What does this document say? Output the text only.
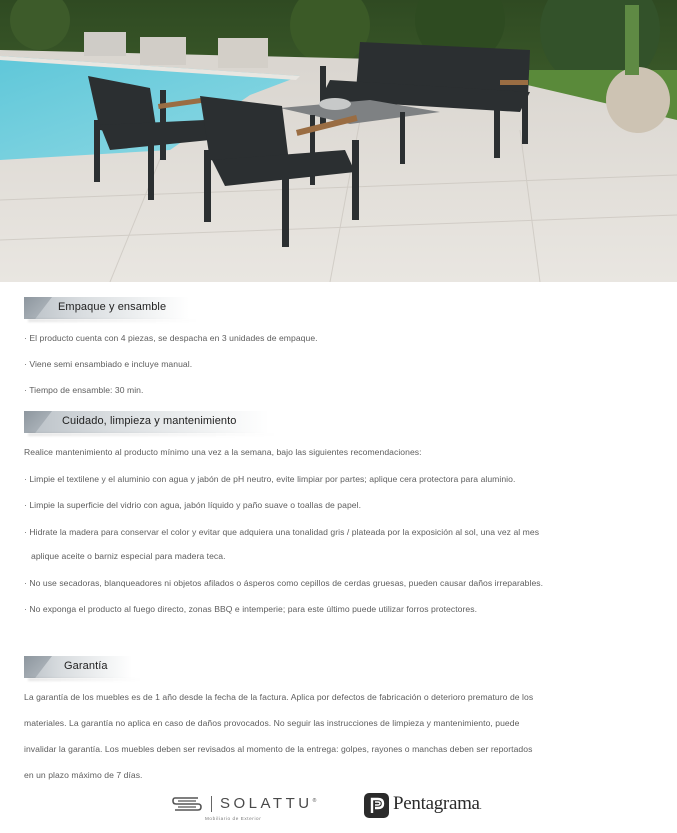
Empaque y ensamble
· El producto cuenta con 4 piezas, se despacha en 3 unidades de empaque.
· Viene semi ensambiado e incluye manual.
· Tiempo de ensamble: 30 min.
Cuidado, limpieza y mantenimiento
Realice mantenimiento al producto mínimo una vez a la semana, bajo las siguientes recomendaciones:
· Limpie el textilene y el aluminio con agua y jabón de pH neutro, evite limpiar por partes; aplique cera protectora para aluminio.
· Limpie la superficie del vidrio con agua, jabón líquido y paño suave o toallas de papel.
· Hidrate la madera para conservar el color y evitar que adquiera una tonalidad gris / plateada por la exposición al sol, una vez al mes
aplique aceite o barniz especial para madera teca.
· No use secadoras, blanqueadores ni objetos afilados o ásperos como cepillos de cerdas gruesas, pueden causar daños irreparables.
· No exponga el producto al fuego directo, zonas BBQ e intemperie; para este último puede utilizar forros protectores.
Garantía
La garantía de los muebles es de 1 año desde la fecha de la factura. Aplica por defectos de fabricación o deterioro prematuro de los
materiales. La garantía no aplica en caso de daños provocados. No seguir las instrucciones de limpieza y mantenimiento, puede
invalidar la garantía. Los muebles deben ser revisados al momento de la entrega: golpes, rayones o manchas deben ser reportados
en un plazo máximo de 7 días.
SOLATTU®
Mobiliario de Exterior
Pentagrama.
